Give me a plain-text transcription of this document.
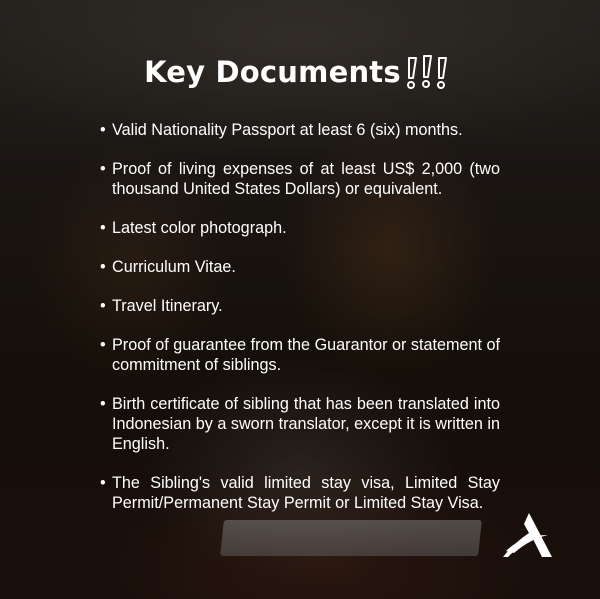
Key Documents
• Valid Nationality Passport at least 6 (six) months.
• Proof of living expenses of at least US$ 2,000 (two thousand United States Dollars) or equivalent.
• Latest color photograph.
• Curriculum Vitae.
• Travel Itinerary.
• Proof of guarantee from the Guarantor or statement of commitment of siblings.
• Birth certificate of sibling that has been translated into Indonesian by a sworn translator, except it is written in English.
• The Sibling's valid limited stay visa, Limited Stay Permit/Permanent Stay Permit or Limited Stay Visa.
